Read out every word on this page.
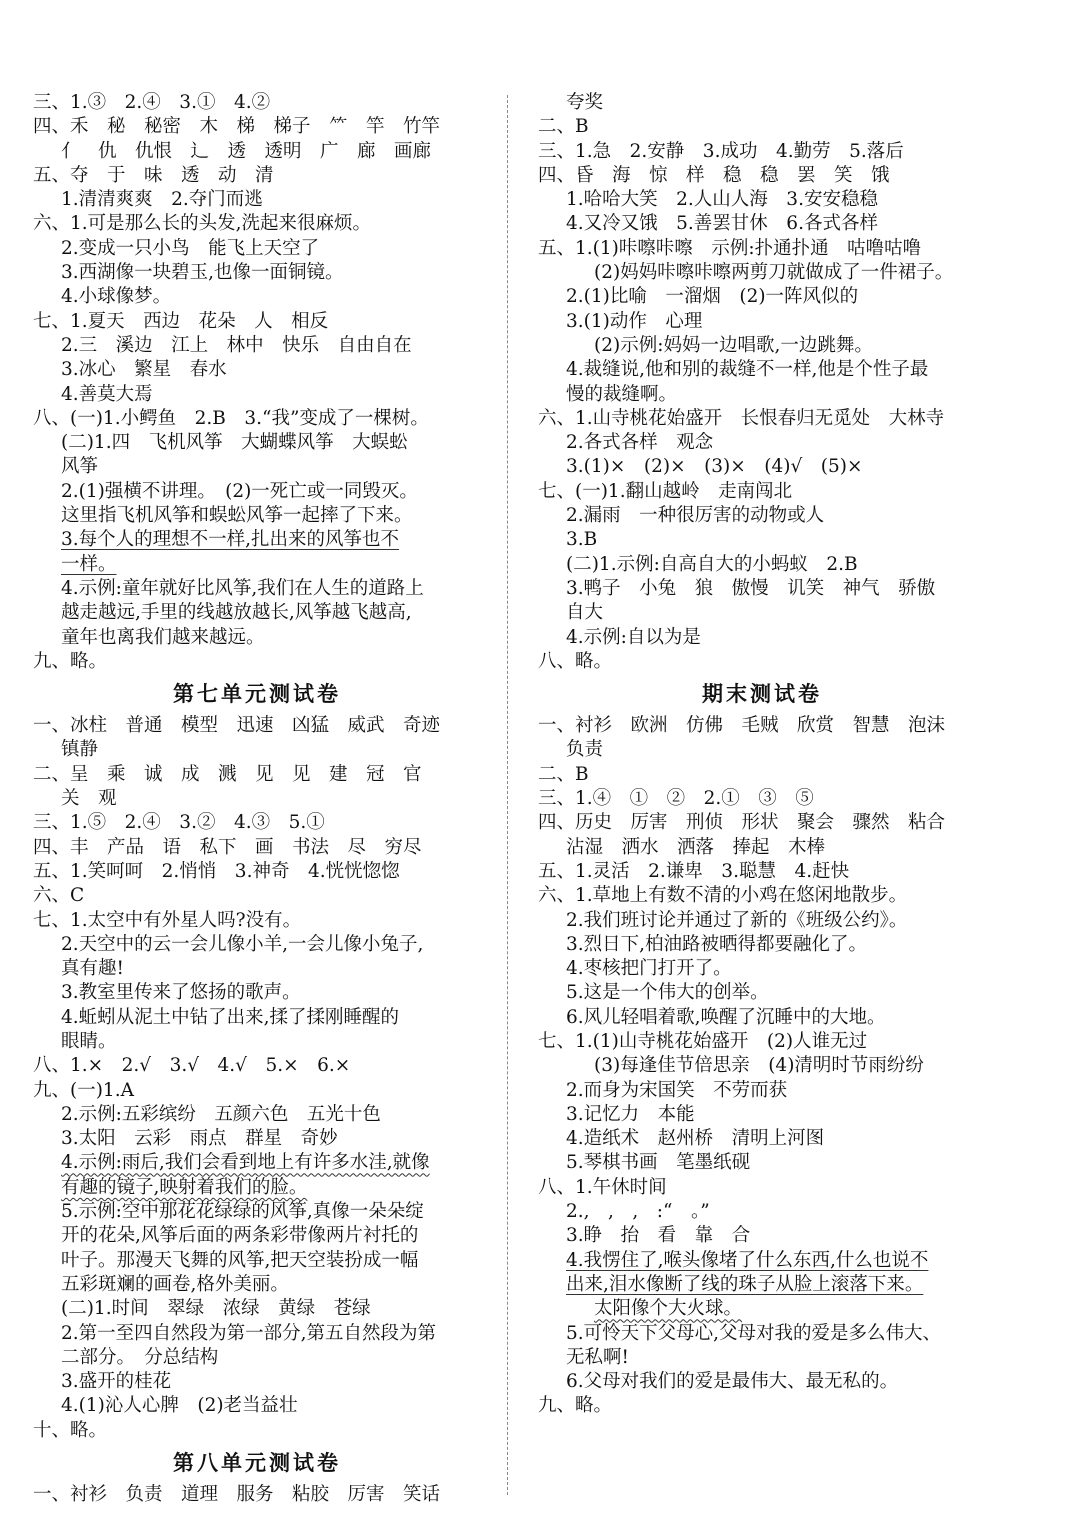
三、1.③　2.④　3.①　4.②
四、禾　秘　秘密　木　梯　梯子　⺮　竿　竹竿
亻　仇　仇恨　辶　透　透明　广　廊　画廊
五、夺　于　味　透　动　清
1.清清爽爽　2.夺门而逃
六、1.可是那么长的头发,洗起来很麻烦。
2.变成一只小鸟　能飞上天空了
3.西湖像一块碧玉,也像一面铜镜。
4.小球像梦。
七、1.夏天　西边　花朵　人　相反
2.三　溪边　江上　林中　快乐　自由自在
3.冰心　繁星　春水
4.善莫大焉
八、(一)1.小鳄鱼　2.B　3.“我”变成了一棵树。
(二)1.四　飞机风筝　大蝴蝶风筝　大蜈蚣
风筝
2.(1)强横不讲理。　(2)一死亡或一同毁灭。
这里指飞机风筝和蜈蚣风筝一起摔了下来。
3.每个人的理想不一样,扎出来的风筝也不
一样。
4.示例:童年就好比风筝,我们在人生的道路上
越走越远,手里的线越放越长,风筝越飞越高,
童年也离我们越来越远。
九、略。
第七单元测试卷
一、冰柱　普通　模型　迅速　凶猛　威武　奇迹
镇静
二、呈　乘　诚　成　溅　见　见　建　冠　官
关　观
三、1.⑤　2.④　3.②　4.③　5.①
四、丰　产品　语　私下　画　书法　尽　穷尽
五、1.笑呵呵　2.悄悄　3.神奇　4.恍恍惚惚
六、C
七、1.太空中有外星人吗?没有。
2.天空中的云一会儿像小羊,一会儿像小兔子,
真有趣!
3.教室里传来了悠扬的歌声。
4.蚯蚓从泥土中钻了出来,揉了揉刚睡醒的
眼睛。
八、1.×　2.√　3.√　4.√　5.×　6.×
九、(一)1.A
2.示例:五彩缤纷　五颜六色　五光十色
3.太阳　云彩　雨点　群星　奇妙
4.示例:雨后,我们会看到地上有许多水洼,就像
有趣的镜子,映射着我们的脸。
5.示例:空中那花花绿绿的风筝,真像一朵朵绽
开的花朵,风筝后面的两条彩带像两片衬托的
叶子。那漫天飞舞的风筝,把天空装扮成一幅
五彩斑斓的画卷,格外美丽。
(二)1.时间　翠绿　浓绿　黄绿　苍绿
2.第一至四自然段为第一部分,第五自然段为第
二部分。　分总结构
3.盛开的桂花
4.(1)沁人心脾　(2)老当益壮
十、略。
第八单元测试卷
一、衬衫　负责　道理　服务　粘胶　厉害　笑话
夸奖
二、B
三、1.急　2.安静　3.成功　4.勤劳　5.落后
四、昏　海　惊　样　稳　稳　罢　笑　饿
1.哈哈大笑　2.人山人海　3.安安稳稳
4.又冷又饿　5.善罢甘休　6.各式各样
五、1.(1)咔嚓咔嚓　示例:扑通扑通　咕噜咕噜
(2)妈妈咔嚓咔嚓两剪刀就做成了一件裙子。
2.(1)比喻　一溜烟　(2)一阵风似的
3.(1)动作　心理
(2)示例:妈妈一边唱歌,一边跳舞。
4.裁缝说,他和别的裁缝不一样,他是个性子最
慢的裁缝啊。
六、1.山寺桃花始盛开　长恨春归无觅处　大林寺
2.各式各样　观念
3.(1)×　(2)×　(3)×　(4)√　(5)×
七、(一)1.翻山越岭　走南闯北
2.漏雨　一种很厉害的动物或人
3.B
(二)1.示例:自高自大的小蚂蚁　2.B
3.鸭子　小兔　狼　傲慢　讥笑　神气　骄傲
自大
4.示例:自以为是
八、略。
期末测试卷
一、衬衫　欧洲　仿佛　毛贼　欣赏　智慧　泡沫
负责
二、B
三、1.④　①　②　2.①　③　⑤
四、历史　厉害　刑侦　形状　聚会　骤然　粘合
沾湿　洒水　洒落　捧起　木棒
五、1.灵活　2.谦卑　3.聪慧　4.赶快
六、1.草地上有数不清的小鸡在悠闲地散步。
2.我们班讨论并通过了新的《班级公约》。
3.烈日下,柏油路被晒得都要融化了。
4.枣核把门打开了。
5.这是一个伟大的创举。
6.风儿轻唱着歌,唤醒了沉睡中的大地。
七、1.(1)山寺桃花始盛开　(2)人谁无过
(3)每逢佳节倍思亲　(4)清明时节雨纷纷
2.而身为宋国笑　不劳而获
3.记忆力　本能
4.造纸术　赵州桥　清明上河图
5.琴棋书画　笔墨纸砚
八、1.午休时间
2.,　,　,　:“　。”
3.睁　抬　看　靠　合
4.我愣住了,喉头像堵了什么东西,什么也说不
出来,泪水像断了线的珠子从脸上滚落下来。
太阳像个大火球。
5.可怜天下父母心,父母对我的爱是多么伟大、
无私啊!
6.父母对我们的爱是最伟大、最无私的。
九、略。
